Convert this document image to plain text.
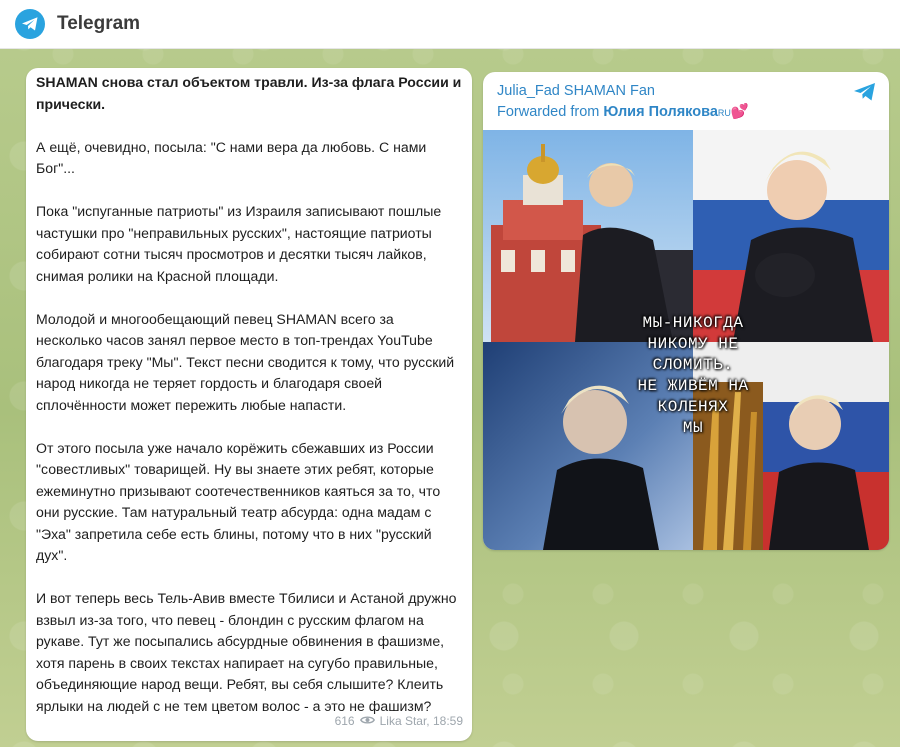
Telegram

SHAMAN снова стал объектом травли. Из-за флага России и прически.

А ещё, очевидно, посыла: "С нами вера да любовь. С нами Бог"...

Пока "испуганные патриоты" из Израиля записывают пошлые частушки про "неправильных русских", настоящие патриоты собирают сотни тысяч просмотров и десятки тысяч лайков, снимая ролики на Красной площади.

Молодой и многообещающий певец SHAMAN всего за несколько часов занял первое место в топ-трендах YouTube благодаря треку "Мы". Текст песни сводится к тому, что русский народ никогда не теряет гордость и благодаря своей сплочённости может пережить любые напасти.

От этого посыла уже начало корёжить сбежавших из России "совестливых" товарищей. Ну вы знаете этих ребят, которые ежеминутно призывают соотечественников каяться за то, что они русские. Там натуральный театр абсурда: одна мадам с "Эха" запретила себе есть блины, потому что в них "русский дух".

И вот теперь весь Тель-Авив вместе Тбилиси и Астаной дружно взвыл из-за того, что певец - блондин с русским флагом на рукаве. Тут же посыпались абсурдные обвинения в фашизме, хотя парень в своих текстах напирает на сугубо правильные, объединяющие народ вещи. Ребят, вы себя слышите? Клеить ярлыки на людей с не тем цветом волос - а это не фашизм?

616 Lika Star, 18:59
Julia_Fad SHAMAN Fan
Forwarded from Юлия ПоляковаRU💕
МЫ-НИКОГДА
НИКОМУ НЕ
СЛОМИТЬ.
НЕ ЖИВЁМ НА
КОЛЕНЯХ
МЫ
